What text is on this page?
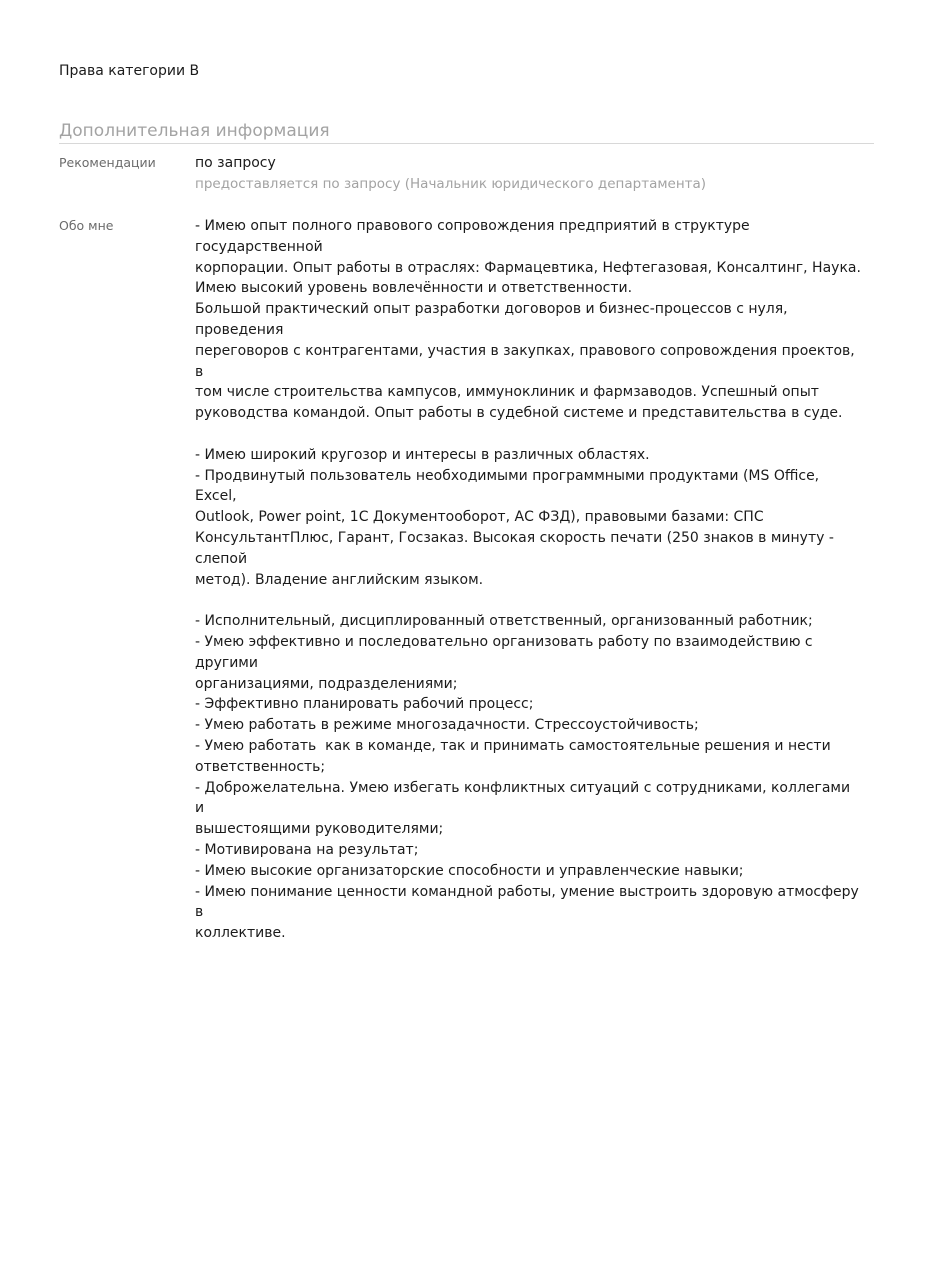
Права категории B
Дополнительная информация
Рекомендации	по запросу
предоставляется по запросу (Начальник юридического департамента)
Обо мне	- Имею опыт полного правового сопровождения предприятий в структуре государственной
корпорации. Опыт работы в отраслях: Фармацевтика, Нефтегазовая, Консалтинг, Наука.
Имею высокий уровень вовлечённости и ответственности.
Большой практический опыт разработки договоров и бизнес-процессов с нуля, проведения
переговоров с контрагентами, участия в закупках, правового сопровождения проектов, в
том числе строительства кампусов, иммуноклиник и фармзаводов. Успешный опыт
руководства командой. Опыт работы в судебной системе и представительства в суде.
- Имею широкий кругозор и интересы в различных областях.
- Продвинутый пользователь необходимыми программными продуктами (MS Office, Excel,
Outlook, Power point, 1С Документооборот, АС ФЗД), правовыми базами: СПС
КонсультантПлюс, Гарант, Госзаказ. Высокая скорость печати (250 знаков в минуту - слепой
метод). Владение английским языком.
- Исполнительный, дисциплированный ответственный, организованный работник;
- Умею эффективно и последовательно организовать работу по взаимодействию с другими
организациями, подразделениями;
- Эффективно планировать рабочий процесс;
- Умею работать в режиме многозадачности. Стрессоустойчивость;
- Умею работать  как в команде, так и принимать самостоятельные решения и нести
ответственность;
- Доброжелательна. Умею избегать конфликтных ситуаций с сотрудниками, коллегами и
вышестоящими руководителями;
- Мотивирована на результат;
- Имею высокие организаторские способности и управленческие навыки;
- Имею понимание ценности командной работы, умение выстроить здоровую атмосферу в
коллективе.
